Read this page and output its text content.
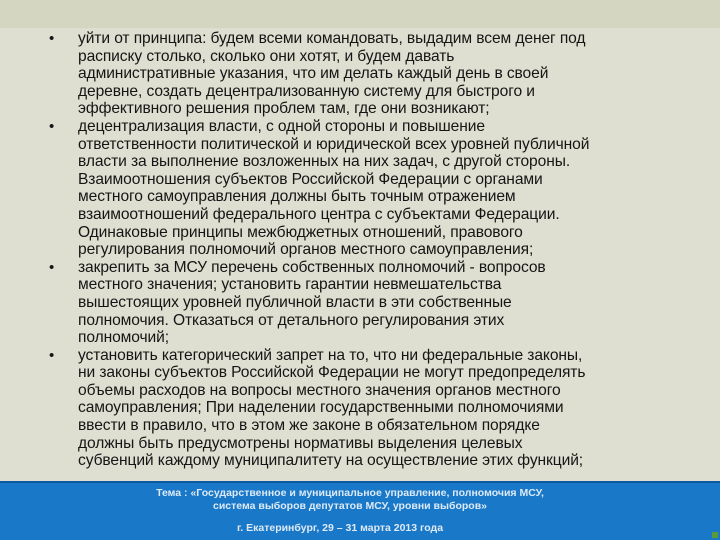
• уйти от принципа: будем всеми командовать, выдадим всем денег под
расписку столько, сколько они хотят, и будем давать
административные указания, что им делать каждый день в своей
деревне, создать децентрализованную систему для быстрого и
эффективного решения проблем там, где они возникают;
• децентрализация власти, с одной стороны и повышение
ответственности политической и юридической всех уровней публичной
власти за выполнение возложенных на них задач, с другой стороны.
Взаимоотношения субъектов Российской Федерации с органами
местного самоуправления должны быть точным отражением
взаимоотношений федерального центра с субъектами Федерации.
Одинаковые принципы межбюджетных отношений, правового
регулирования полномочий органов местного самоуправления;
• закрепить за МСУ перечень собственных полномочий - вопросов
местного значения; установить гарантии невмешательства
вышестоящих уровней публичной власти в эти собственные
полномочия. Отказаться от детального регулирования этих
полномочий;
• установить категорический запрет на то, что ни федеральные законы,
ни законы субъектов Российской Федерации не могут предопределять
объемы расходов на вопросы местного значения органов местного
самоуправления; При наделении государственными полномочиями
ввести в правило, что в этом же законе в обязательном порядке
должны быть предусмотрены нормативы выделения целевых
субвенций каждому муниципалитету на осуществление этих функций;
Тема : «Государственное и муниципальное управление, полномочия МСУ,
система выборов депутатов МСУ, уровни выборов»
г. Екатеринбург, 29 – 31 марта 2013 года
